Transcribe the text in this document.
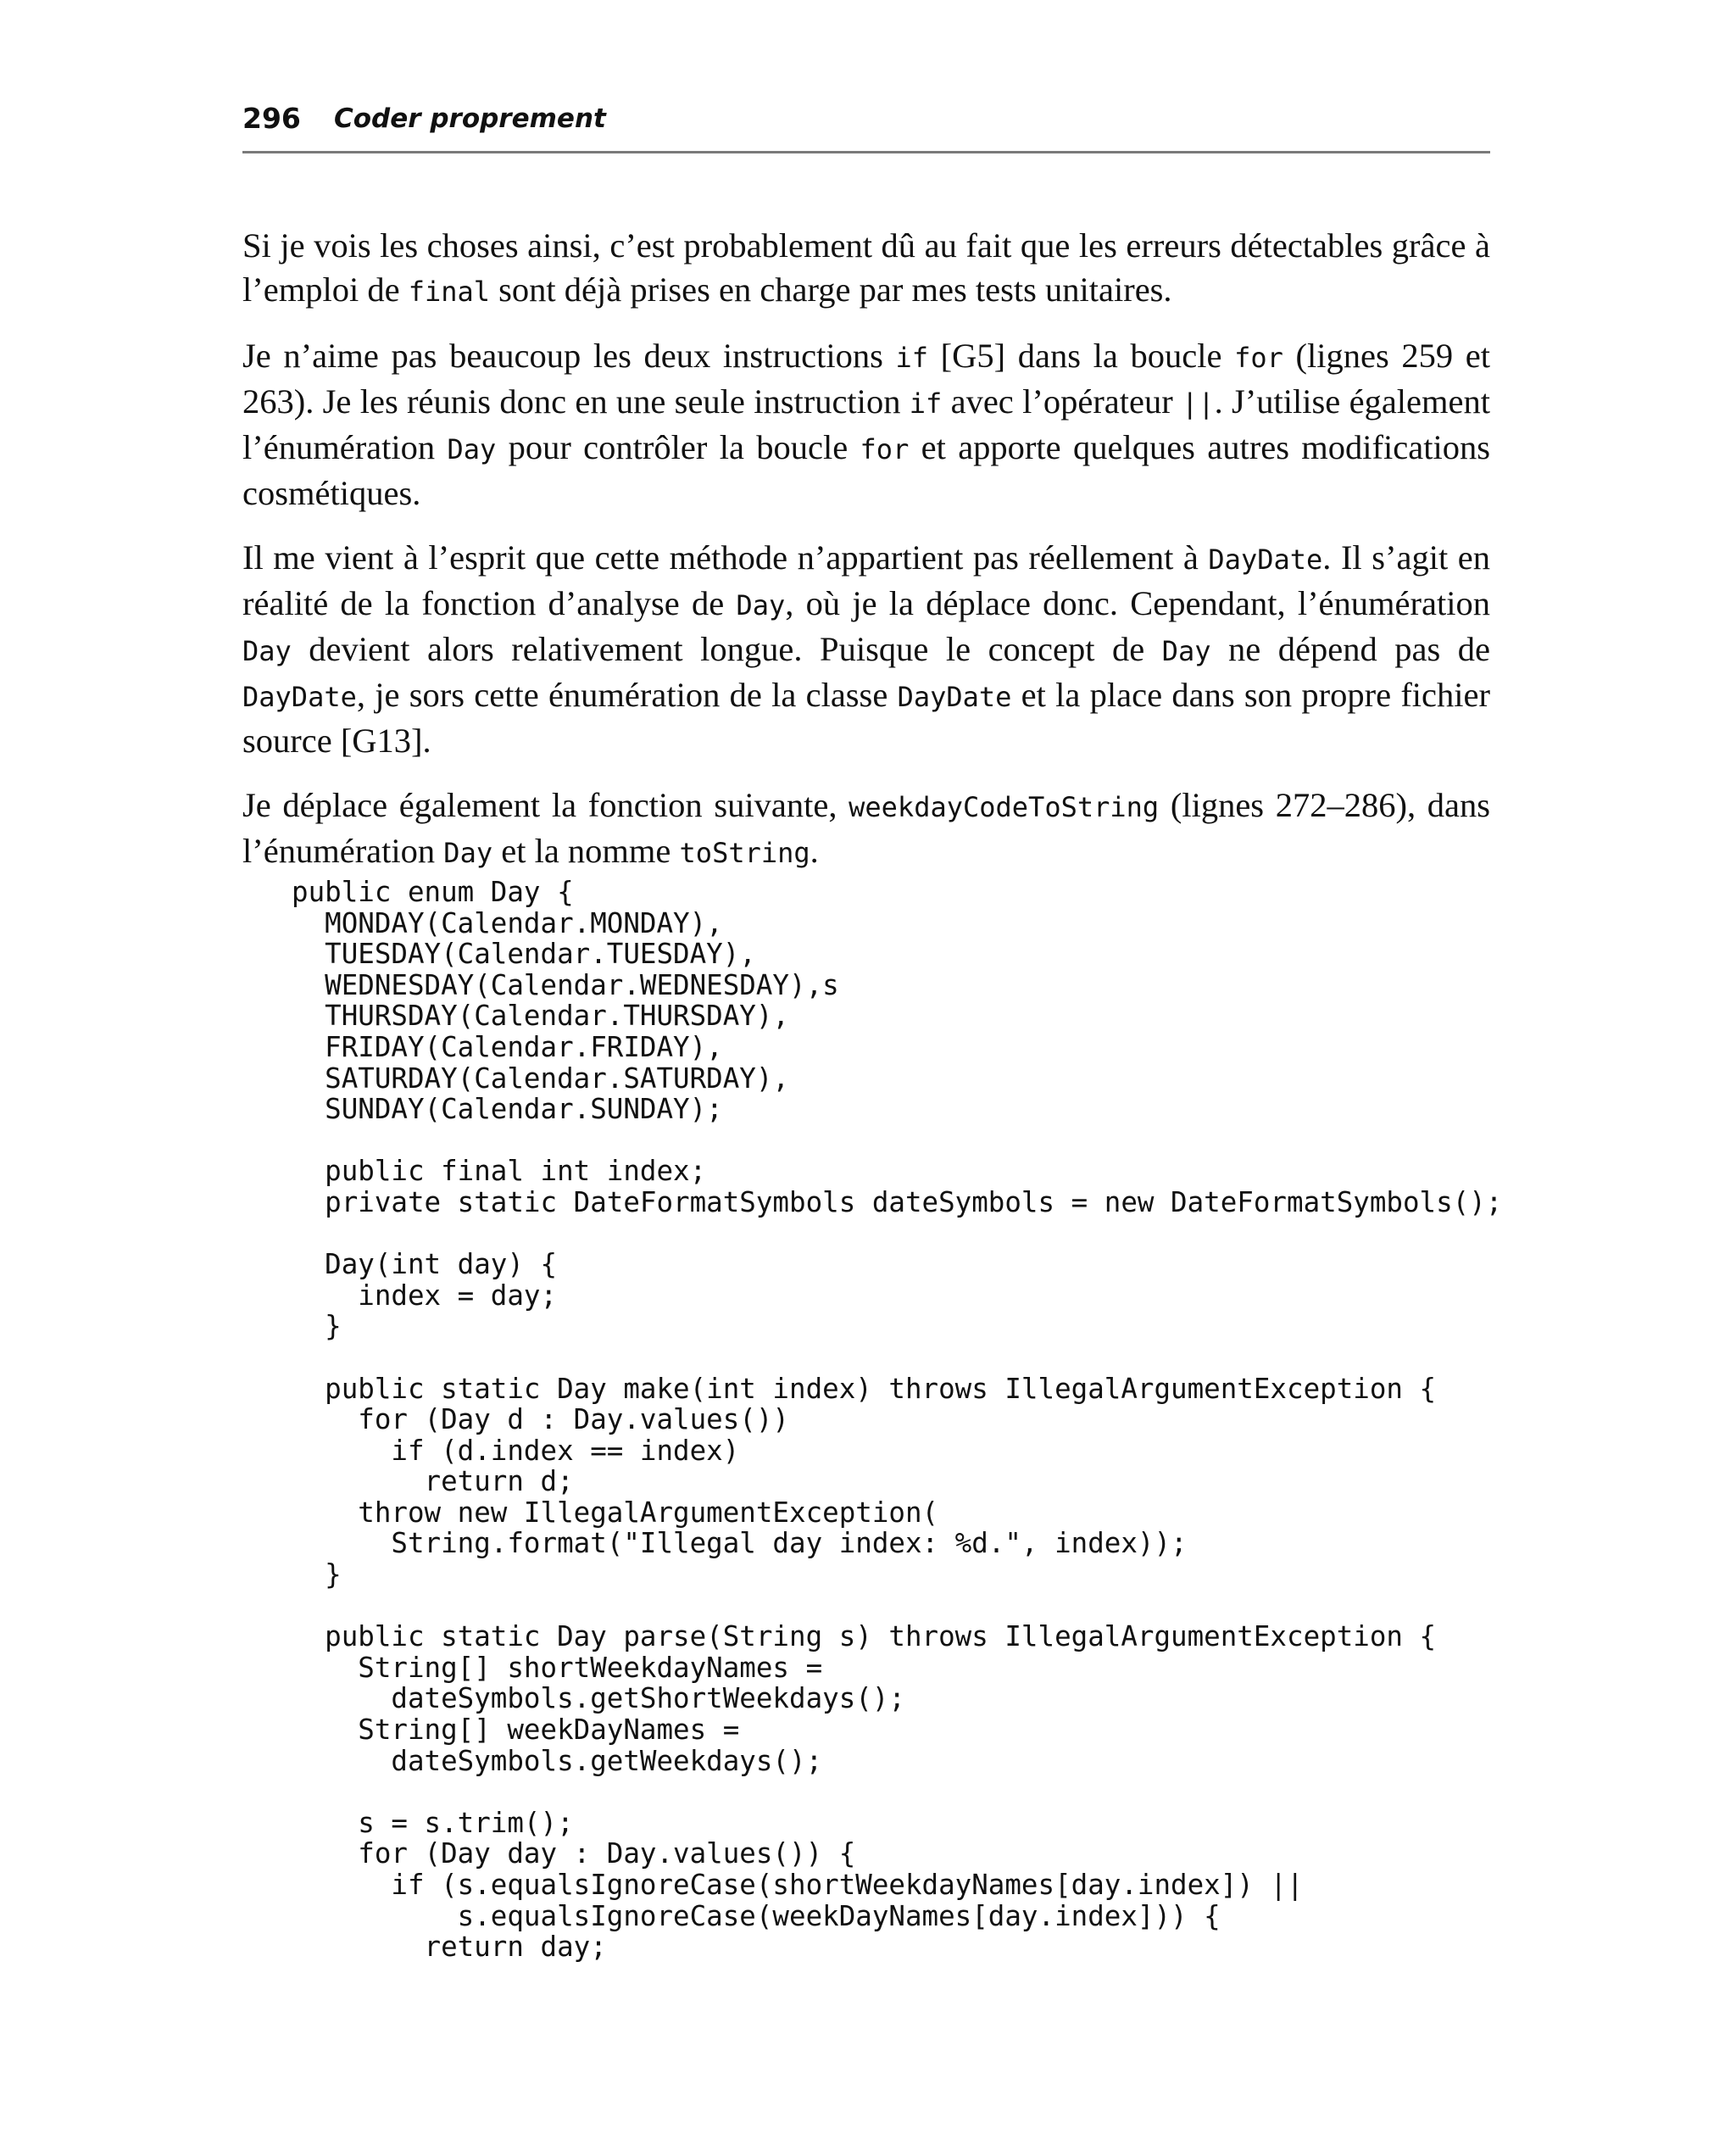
296 Coder proprement

Si je vois les choses ainsi, c’est probablement dû au fait que les erreurs détectables grâce à l’emploi de final sont déjà prises en charge par mes tests unitaires.

Je n’aime pas beaucoup les deux instructions if [G5] dans la boucle for (lignes 259 et 263). Je les réunis donc en une seule instruction if avec l’opérateur ||. J’utilise également l’énumération Day pour contrôler la boucle for et apporte quelques autres modifications cosmétiques.

Il me vient à l’esprit que cette méthode n’appartient pas réellement à DayDate. Il s’agit en réalité de la fonction d’analyse de Day, où je la déplace donc. Cependant, l’énumération Day devient alors relativement longue. Puisque le concept de Day ne dépend pas de DayDate, je sors cette énumération de la classe DayDate et la place dans son propre fichier source [G13].

Je déplace également la fonction suivante, weekdayCodeToString (lignes 272–286), dans l’énumération Day et la nomme toString.

public enum Day {
MONDAY(Calendar.MONDAY),
TUESDAY(Calendar.TUESDAY),
WEDNESDAY(Calendar.WEDNESDAY),s
THURSDAY(Calendar.THURSDAY),
FRIDAY(Calendar.FRIDAY),
SATURDAY(Calendar.SATURDAY),
SUNDAY(Calendar.SUNDAY);

public final int index;
private static DateFormatSymbols dateSymbols = new DateFormatSymbols();

Day(int day) {
index = day;
}

public static Day make(int index) throws IllegalArgumentException {
for (Day d : Day.values())
if (d.index == index)
return d;
throw new IllegalArgumentException(
String.format("Illegal day index: %d.", index));
}

public static Day parse(String s) throws IllegalArgumentException {
String[] shortWeekdayNames =
dateSymbols.getShortWeekdays();
String[] weekDayNames =
dateSymbols.getWeekdays();

s = s.trim();
for (Day day : Day.values()) {
if (s.equalsIgnoreCase(shortWeekdayNames[day.index]) ||
s.equalsIgnoreCase(weekDayNames[day.index])) {
return day;
